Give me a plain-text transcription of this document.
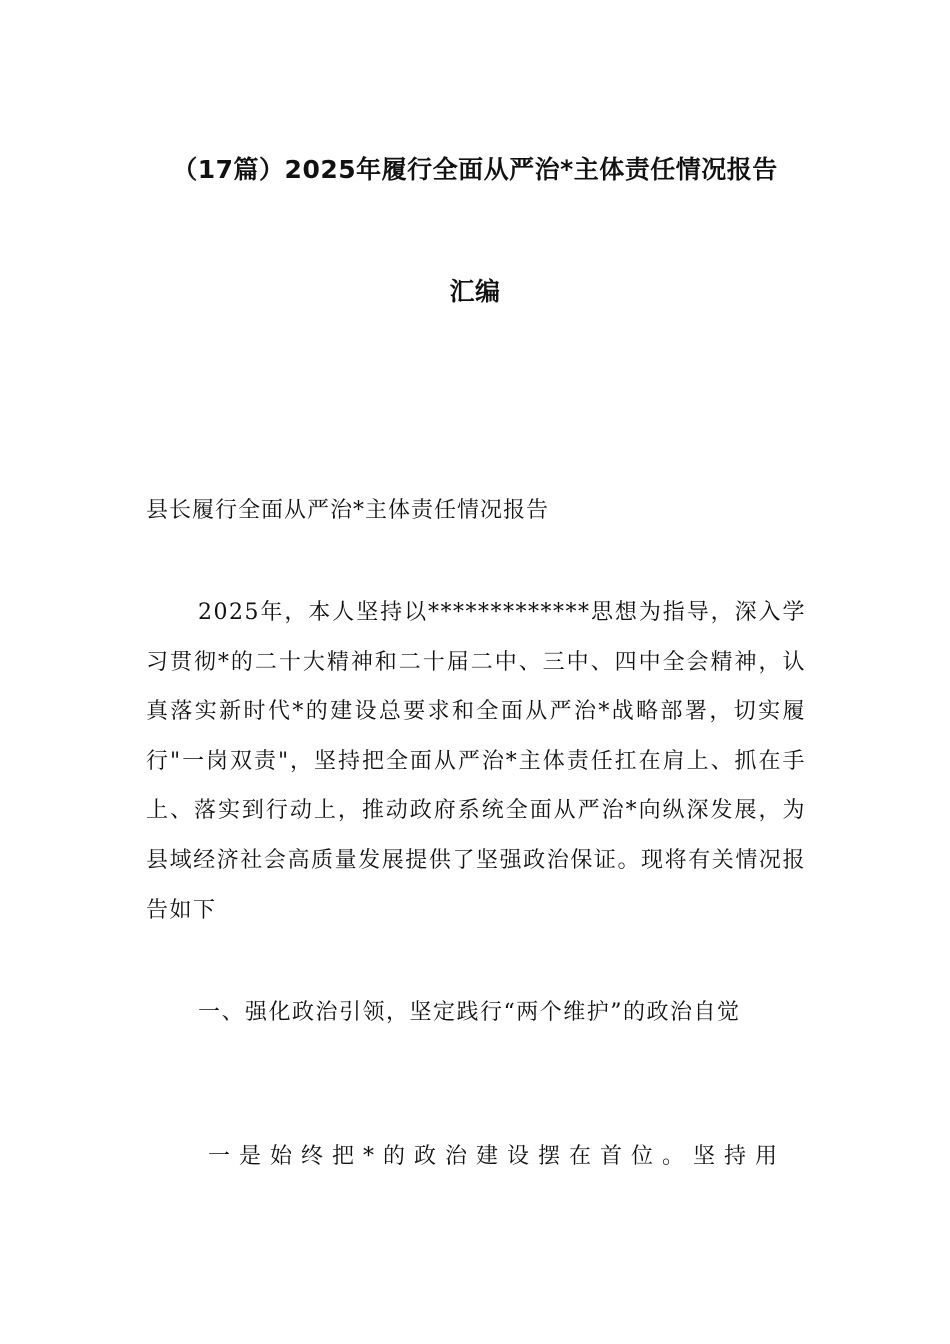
（17篇）2025年履行全面从严治*主体责任情况报告
汇编
县长履行全面从严治*主体责任情况报告
2025年，本人坚持以*************思想为指导，深入学习贯彻*的二十大精神和二十届二中、三中、四中全会精神，认真落实新时代*的建设总要求和全面从严治*战略部署，切实履行"一岗双责"，坚持把全面从严治*主体责任扛在肩上、抓在手上、落实到行动上，推动政府系统全面从严治*向纵深发展，为县域经济社会高质量发展提供了坚强政治保证。现将有关情况报告如下
一、强化政治引领，坚定践行“两个维护”的政治自觉
一是始终把*的政治建设摆在首位。坚持用
